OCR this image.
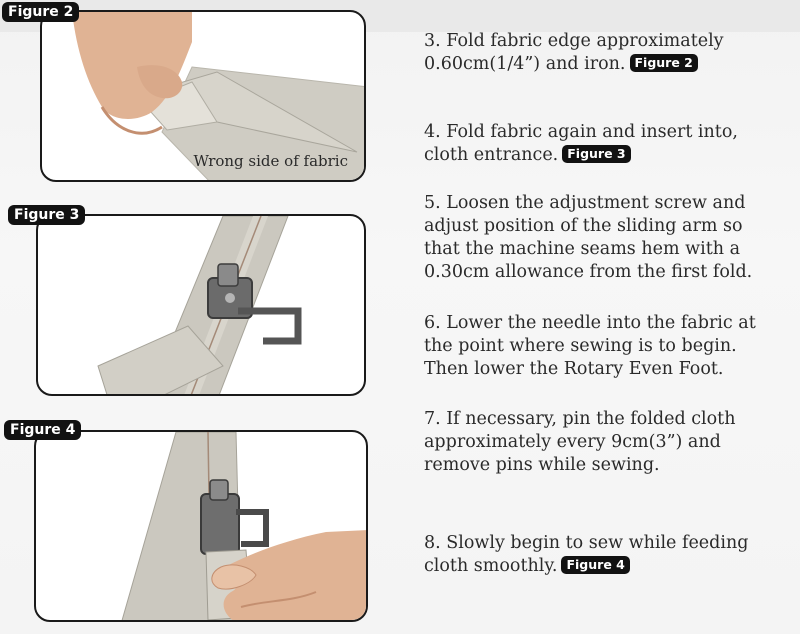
Figure 2
Wrong side of fabric
Figure 3
Figure 4
3. Fold fabric edge approximately
0.60cm(1/4”) and iron. Figure 2
4. Fold fabric again and insert into,
cloth entrance. Figure 3
5. Loosen the adjustment screw and
adjust position of the sliding arm so
that the machine seams hem with a
0.30cm allowance from the first fold.
6. Lower the needle into the fabric at
the point where sewing is to begin.
Then lower the Rotary Even Foot.
7. If necessary, pin the folded cloth
approximately every 9cm(3”) and
remove pins while sewing.
8. Slowly begin to sew while feeding
cloth smoothly. Figure 4
